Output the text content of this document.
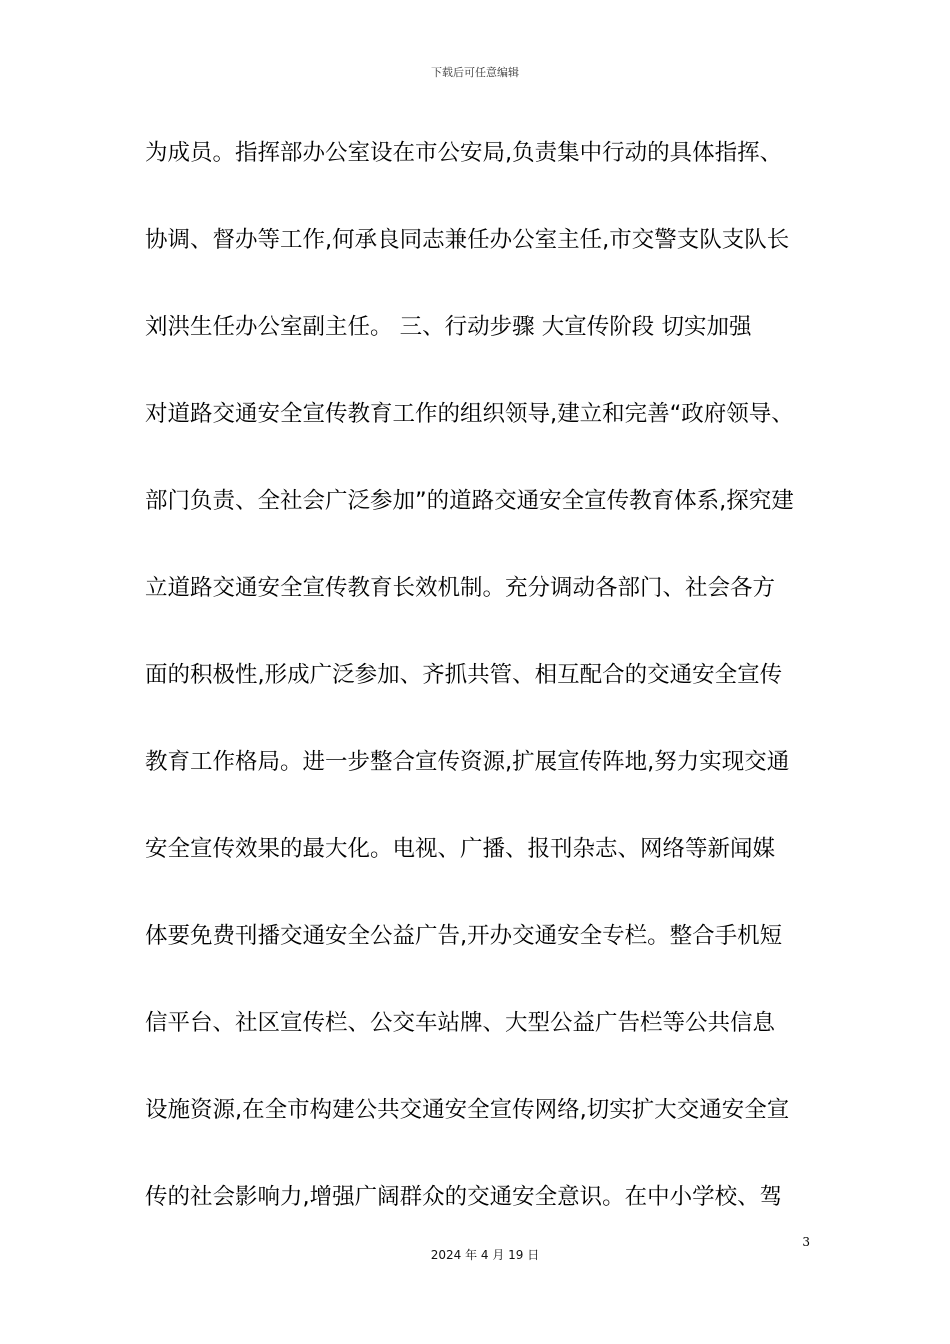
下载后可任意编辑
为成员。指挥部办公室设在市公安局,负责集中行动的具体指挥、
协调、督办等工作,何承良同志兼任办公室主任,市交警支队支队长
刘洪生任办公室副主任。 三、行动步骤 大宣传阶段 切实加强
对道路交通安全宣传教育工作的组织领导,建立和完善“政府领导、
部门负责、全社会广泛参加”的道路交通安全宣传教育体系,探究建
立道路交通安全宣传教育长效机制。充分调动各部门、社会各方
面的积极性,形成广泛参加、齐抓共管、相互配合的交通安全宣传
教育工作格局。进一步整合宣传资源,扩展宣传阵地,努力实现交通
安全宣传效果的最大化。电视、广播、报刊杂志、网络等新闻媒
体要免费刊播交通安全公益广告,开办交通安全专栏。整合手机短
信平台、社区宣传栏、公交车站牌、大型公益广告栏等公共信息
设施资源,在全市构建公共交通安全宣传网络,切实扩大交通安全宣
传的社会影响力,增强广阔群众的交通安全意识。在中小学校、驾
3
2024 年 4 月 19 日
